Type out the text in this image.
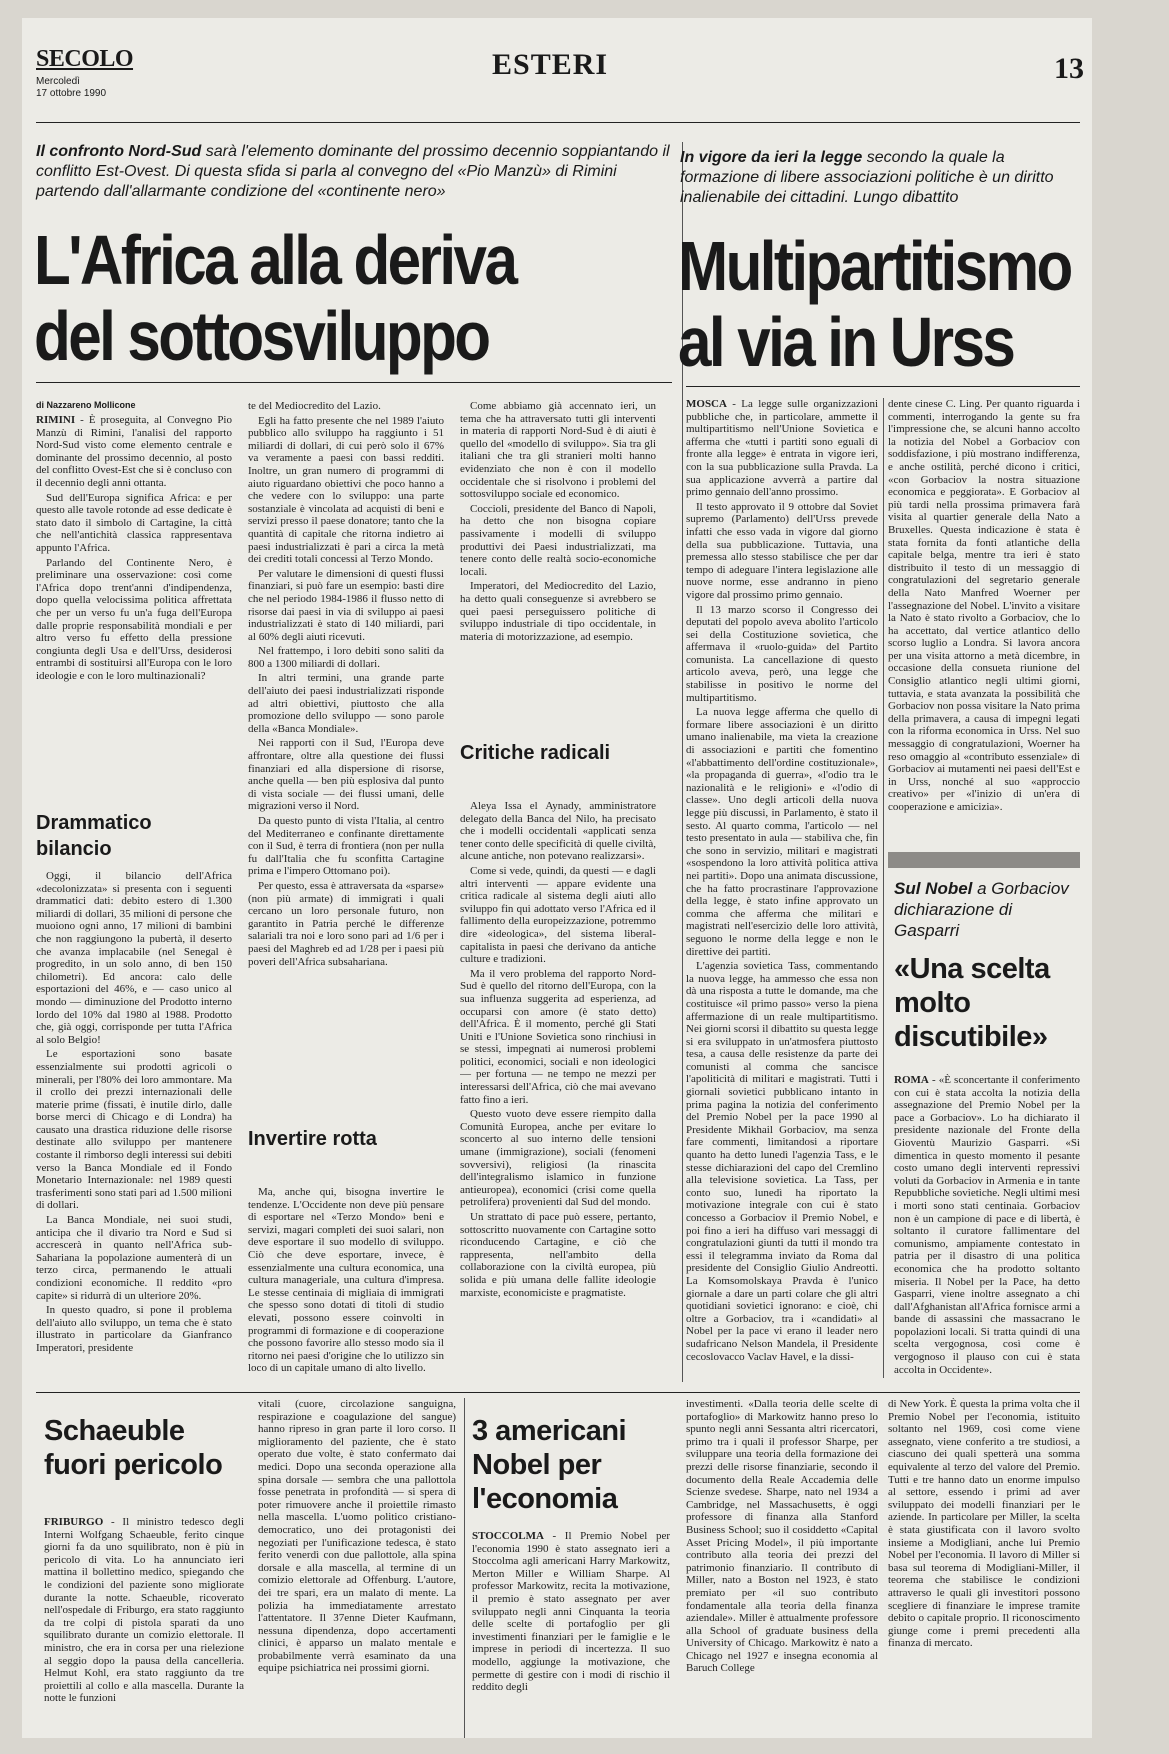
SECOLO
Mercoledì
17 ottobre 1990
ESTERI	13
Il confronto Nord-Sud sarà l'elemento dominante del prossimo decennio soppiantando il conflitto Est-Ovest. Di questa sfida si parla al convegno del «Pio Manzù» di Rimini partendo dall'allarmante condizione del «continente nero»
L'Africa alla deriva
del sottosviluppo
di Nazzareno Mollicone

RIMINI - È proseguita, al Convegno Pio Manzù di Rimini, l'analisi del rapporto Nord-Sud visto come elemento centrale e dominante del prossimo decennio, al posto del conflitto Ovest-Est che si è concluso con il decennio degli anni ottanta.

Sud dell'Europa significa Africa: e per questo alle tavole rotonde ad esse dedicate è stato dato il simbolo di Cartagine, la città che nell'antichità classica rappresentava appunto l'Africa.

Parlando del Continente Nero, è preliminare una osservazione: così come l'Africa dopo trent'anni d'indipendenza, dopo quella velocissima politica affrettata che per un verso fu un'a fuga dell'Europa dalle proprie responsabilità mondiali e per altro verso fu effetto della pressione congiunta degli Usa e dell'Urss, desiderosi entrambi di sostituirsi all'Europa con le loro ideologie e con le loro multinazionali?

Drammatico bilancio

Oggi, il bilancio dell'Africa «decolonizzata» si presenta con i seguenti drammatici dati: debito estero di 1.300 miliardi di dollari, 35 milioni di persone che muoiono ogni anno, 17 milioni di bambini che non raggiungono la pubertà, il deserto che avanza implacabile (nel Senegal è progredito, in un solo anno, di ben 150 chilometri). Ed ancora: calo delle esportazioni del 46%, e — caso unico al mondo — diminuzione del Prodotto interno lordo del 10% dal 1980 al 1988. Prodotto che, già oggi, corrisponde per tutta l'Africa al solo Belgio!

Le esportazioni sono basate essenzialmente sui prodotti agricoli o minerali, per l'80% dei loro ammontare. Ma il crollo dei prezzi internazionali delle materie prime (fissati, è inutile dirlo, dalle borse merci di Chicago e di Londra) ha causato una drastica riduzione delle risorse destinate allo sviluppo per mantenere costante il rimborso degli interessi sui debiti verso la Banca Mondiale ed il Fondo Monetario Internazionale: nel 1989 questi trasferimenti sono stati pari ad 1.500 milioni di dollari.

La Banca Mondiale, nei suoi studi, anticipa che il divario tra Nord e Sud si accrescerà in quanto nell'Africa sub-Sahariana la popolazione aumenterà di un terzo circa, permanendo le attuali condizioni economiche. Il reddito «pro capite» si ridurrà di un ulteriore 20%.

In questo quadro, si pone il problema dell'aiuto allo sviluppo, un tema che è stato illustrato in particolare da Gianfranco Imperatori, presidente

te del Mediocredito del Lazio.

Egli ha fatto presente che nel 1989 l'aiuto pubblico allo sviluppo ha raggiunto i 51 miliardi di dollari, di cui però solo il 67% va veramente a paesi con bassi redditi. Inoltre, un gran numero di programmi di aiuto riguardano obiettivi che poco hanno a che vedere con lo sviluppo: una parte sostanziale è vincolata ad acquisti di beni e servizi presso il paese donatore; tanto che la quantità di capitale che ritorna indietro ai paesi industrializzati è pari a circa la metà dei crediti totali concessi al Terzo Mondo.

Per valutare le dimensioni di questi flussi finanziari, si può fare un esempio: basti dire che nel periodo 1984-1986 il flusso netto di risorse dai paesi in via di sviluppo ai paesi industrializzati è stato di 140 miliardi, pari al 60% degli aiuti ricevuti.

Nel frattempo, i loro debiti sono saliti da 800 a 1300 miliardi di dollari.

In altri termini, una grande parte dell'aiuto dei paesi industrializzati risponde ad altri obiettivi, piuttosto che alla promozione dello sviluppo — sono parole della «Banca Mondiale».

Nei rapporti con il Sud, l'Europa deve affrontare, oltre alla questione dei flussi finanziari ed alla dispersione di risorse, anche quella — ben più esplosiva dal punto di vista sociale — dei flussi umani, delle migrazioni verso il Nord.

Da questo punto di vista l'Italia, al centro del Mediterraneo e confinante direttamente con il Sud, è terra di frontiera (non per nulla fu dall'Italia che fu sconfitta Cartagine prima e l'impero Ottomano poi).

Per questo, essa è attraversata da «sparse» (non più armate) di immigrati i quali cercano un loro personale futuro, non garantito in Patria perché le differenze salariali tra noi e loro sono pari ad 1/6 per i paesi del Maghreb ed ad 1/28 per i paesi più poveri dell'Africa subsahariana.

Invertire rotta

Ma, anche qui, bisogna invertire le tendenze. L'Occidente non deve più pensare di esportare nel «Terzo Mondo» beni e servizi, magari completi dei suoi salari, non deve esportare il suo modello di sviluppo. Ciò che deve esportare, invece, è essenzialmente una cultura economica, una cultura manageriale, una cultura d'impresa. Le stesse centinaia di migliaia di immigrati che spesso sono dotati di titoli di studio elevati, possono essere coinvolti in programmi di formazione e di cooperazione che possono favorire allo stesso modo sia il ritorno nei paesi d'origine che lo utilizzo sin loco di un capitale umano di alto livello.

Come abbiamo già accennato ieri, un tema che ha attraversato tutti gli interventi in materia di rapporti Nord-Sud è di aiuti è quello del «modello di sviluppo». Sia tra gli italiani che tra gli stranieri molti hanno evidenziato che non è con il modello occidentale che si risolvono i problemi del sottosviluppo sociale ed economico.

Coccioli, presidente del Banco di Napoli, ha detto che non bisogna copiare passivamente i modelli di sviluppo produttivi dei Paesi industrializzati, ma tenere conto delle realtà socio-economiche locali.

Imperatori, del Mediocredito del Lazio, ha detto quali conseguenze si avrebbero se quei paesi perseguissero politiche di sviluppo industriale di tipo occidentale, in materia di motorizzazione, ad esempio.

Critiche radicali

Aleya Issa el Aynady, amministratore delegato della Banca del Nilo, ha precisato che i modelli occidentali «applicati senza tener conto delle specificità di quelle civiltà, alcune antiche, non potevano realizzarsi».

Come si vede, quindi, da questi — e dagli altri interventi — appare evidente una critica radicale al sistema degli aiuti allo sviluppo fin qui adottato verso l'Africa ed il fallimento della europeizzazione, potremmo dire «ideologica», del sistema liberal-capitalista in paesi che derivano da antiche culture e tradizioni.

Ma il vero problema del rapporto Nord-Sud è quello del ritorno dell'Europa, con la sua influenza suggerita ad esperienza, ad occuparsi con amore (è stato detto) dell'Africa. È il momento, perché gli Stati Uniti e l'Unione Sovietica sono rinchiusi in se stessi, impegnati ai numerosi problemi politici, economici, sociali e non ideologici — per fortuna — ne tempo ne mezzi per interessarsi dell'Africa, ciò che mai avevano fatto fino a ieri.

Questo vuoto deve essere riempito dalla Comunità Europea, anche per evitare lo sconcerto al suo interno delle tensioni umane (immigrazione), sociali (fenomeni sovversivi), religiosi (la rinascita dell'integralismo islamico in funzione antieuropea), economici (crisi come quella petrolifera) provenienti dal Sud del mondo.

Un strattato di pace può essere, pertanto, sottoscritto nuovamente con Cartagine sotto riconducendo Cartagine, e ciò che rappresenta, nell'ambito della collaborazione con la civiltà europea, più solida e più umana delle fallite ideologie marxiste, economiciste e pragmatiste.

In vigore da ieri la legge secondo la quale la formazione di libere associazioni politiche è un diritto inalienabile dei cittadini. Lungo dibattito
Multipartitismo
al via in Urss

MOSCA - La legge sulle organizzazioni pubbliche che, in particolare, ammette il multipartitismo nell'Unione Sovietica e afferma che «tutti i partiti sono eguali di fronte alla legge» è entrata in vigore ieri, con la sua pubblicazione sulla Pravda. La sua applicazione avverrà a partire dal primo gennaio dell'anno prossimo.

Il testo approvato il 9 ottobre dal Soviet supremo (Parlamento) dell'Urss prevede infatti che esso vada in vigore dal giorno della sua pubblicazione. Tuttavia, una premessa allo stesso stabilisce che per dar tempo di adeguare l'intera legislazione alle nuove norme, esse andranno in pieno vigore dal prossimo primo gennaio.

Il 13 marzo scorso il Congresso dei deputati del popolo aveva abolito l'articolo sei della Costituzione sovietica, che affermava il «ruolo-guida» del Partito comunista. La cancellazione di questo articolo aveva, però, una legge che stabilisse in positivo le norme del multipartitismo.

La nuova legge afferma che quello di formare libere associazioni è un diritto umano inalienabile, ma vieta la creazione di associazioni e partiti che fomentino «l'abbattimento dell'ordine costituzionale», «la propaganda di guerra», «l'odio tra le nazionalità e le religioni» e «l'odio di classe». Uno degli articoli della nuova legge più discussi, in Parlamento, è stato il sesto. Al quarto comma, l'articolo — nel testo presentato in aula — stabiliva che, fin che sono in servizio, militari e magistrati «sospendono la loro attività politica attiva nei partiti». Dopo una animata discussione, che ha fatto procrastinare l'approvazione della legge, è stato infine approvato un comma che afferma che militari e magistrati nell'esercizio delle loro attività, seguono le norme della legge e non le direttive dei partiti.

L'agenzia sovietica Tass, commentando la nuova legge, ha ammesso che essa non dà una risposta a tutte le domande, ma che costituisce «il primo passo» verso la piena affermazione di un reale multipartitismo. Nei giorni scorsi il dibattito su questa legge si era sviluppato in un'atmosfera piuttosto tesa, a causa delle resistenze da parte dei comunisti al comma che sancisce l'apoliticità di militari e magistrati. Tutti i giornali sovietici pubblicano intanto in prima pagina la notizia del conferimento del Premio Nobel per la pace 1990 al Presidente Mikhail Gorbaciov, ma senza fare commenti, limitandosi a riportare quanto ha detto lunedì l'agenzia Tass, e le stesse dichiarazioni del capo del Cremlino alla televisione sovietica. La Tass, per conto suo, lunedì ha riportato la motivazione integrale con cui è stato concesso a Gorbaciov il Premio Nobel, e poi fino a ieri ha diffuso vari messaggi di congratulazioni giunti da tutti il mondo tra essi il telegramma inviato da Roma dal presidente del Consiglio Giulio Andreotti. La Komsomolskaya Pravda è l'unico giornale a dare un parti colare che gli altri quotidiani sovietici ignorano: e cioè, chi oltre a Gorbaciov, tra i «candidati» al Nobel per la pace vi erano il leader nero sudafricano Nelson Mandela, il Presidente cecoslovacco Vaclav Havel, e la dissi-

dente cinese C. Ling. Per quanto riguarda i commenti, interrogando la gente su fra l'impressione che, se alcuni hanno accolto la notizia del Nobel a Gorbaciov con soddisfazione, i più mostrano indifferenza, e anche ostilità, perché dicono i critici, «con Gorbaciov la nostra situazione economica e peggiorata». E Gorbaciov al più tardi nella prossima primavera farà visita al quartier generale della Nato a Bruxelles. Questa indicazione è stata è stata fornita da fonti atlantiche della capitale belga, mentre tra ieri è stato distribuito il testo di un messaggio di congratulazioni del segretario generale della Nato Manfred Woerner per l'assegnazione del Nobel. L'invito a visitare la Nato è stato rivolto a Gorbaciov, che lo ha accettato, dal vertice atlantico dello scorso luglio a Londra. Si lavora ancora per una visita attorno a metà dicembre, in occasione della consueta riunione del Consiglio atlantico negli ultimi giorni, tuttavia, e stata avanzata la possibilità che Gorbaciov non possa visitare la Nato prima della primavera, a causa di impegni legati con la riforma economica in Urss. Nel suo messaggio di congratulazioni, Woerner ha reso omaggio al «contributo essenziale» di Gorbaciov ai mutamenti nei paesi dell'Est e in Urss, nonché al suo «approccio creativo» per «l'inizio di un'era di cooperazione e amicizia».

Sul Nobel a Gorbaciov dichiarazione di Gasparri
«Una scelta molto discutibile»

ROMA - «È sconcertante il conferimento con cui è stata accolta la notizia della assegnazione del Premio Nobel per la pace a Gorbaciov». Lo ha dichiarato il presidente nazionale del Fronte della Gioventù Maurizio Gasparri. «Si dimentica in questo momento il pesante costo umano degli interventi repressivi voluti da Gorbaciov in Armenia e in tante Repubbliche sovietiche. Negli ultimi mesi i morti sono stati centinaia. Gorbaciov non è un campione di pace e di libertà, è soltanto il curatore fallimentare del comunismo, ampiamente contestato in patria per il disastro di una politica economica che ha prodotto soltanto miseria. Il Nobel per la Pace, ha detto Gasparri, viene inoltre assegnato a chi dall'Afghanistan all'Africa fornisce armi a bande di assassini che massacrano le popolazioni locali. Si tratta quindi di una scelta vergognosa, così come è vergognoso il plauso con cui è stata accolta in Occidente».

Schaeuble fuori pericolo

FRIBURGO - Il ministro tedesco degli Interni Wolfgang Schaeuble, ferito cinque giorni fa da uno squilibrato, non è più in pericolo di vita. Lo ha annunciato ieri mattina il bollettino medico, spiegando che le condizioni del paziente sono migliorate durante la notte. Schaeuble, ricoverato nell'ospedale di Friburgo, era stato raggiunto da tre colpi di pistola sparati da uno squilibrato durante un comizio elettorale. Il ministro, che era in corsa per una rielezione al seggio dopo la pausa della cancelleria. Helmut Kohl, era stato raggiunto da tre proiettili al collo e alla mascella. Durante la notte le funzioni

vitali (cuore, circolazione sanguigna, respirazione e coagulazione del sangue) hanno ripreso in gran parte il loro corso. Il miglioramento del paziente, che è stato operato due volte, è stato confermato dai medici. Dopo una seconda operazione alla spina dorsale — sembra che una pallottola fosse penetrata in profondità — si spera di poter rimuovere anche il proiettile rimasto nella mascella. L'uomo politico cristiano-democratico, uno dei protagonisti dei negoziati per l'unificazione tedesca, è stato ferito venerdì con due pallottole, alla spina dorsale e alla mascella, al termine di un comizio elettorale ad Offenburg. L'autore, dei tre spari, era un malato di mente. La polizia ha immediatamente arrestato l'attentatore. Il 37enne Dieter Kaufmann, nessuna dipendenza, dopo accertamenti clinici, è apparso un malato mentale e probabilmente verrà esaminato da una equipe psichiatrica nei prossimi giorni.

3 americani Nobel per l'economia

STOCCOLMA - Il Premio Nobel per l'economia 1990 è stato assegnato ieri a Stoccolma agli americani Harry Markowitz, Merton Miller e William Sharpe. Al professor Markowitz, recita la motivazione, il premio è stato assegnato per aver sviluppato negli anni Cinquanta la teoria delle scelte di portafoglio per gli investimenti finanziari per le famiglie e le imprese in periodi di incertezza. Il suo modello, aggiunge la motivazione, che permette di gestire con i modi di rischio il reddito degli

investimenti. «Dalla teoria delle scelte di portafoglio» di Markowitz hanno preso lo spunto negli anni Sessanta altri ricercatori, primo tra i quali il professor Sharpe, per sviluppare una teoria della formazione dei prezzi delle risorse finanziarie, secondo il documento della Reale Accademia delle Scienze svedese. Sharpe, nato nel 1934 a Cambridge, nel Massachusetts, è oggi professore di finanza alla Stanford Business School; suo il cosiddetto «Capital Asset Pricing Model», il più importante contributo alla teoria dei prezzi del patrimonio finanziario. Il contributo di Miller, nato a Boston nel 1923, è stato premiato per «il suo contributo fondamentale alla teoria della finanza aziendale». Miller è attualmente professore alla School of graduate business della University of Chicago. Markowitz è nato a Chicago nel 1927 e insegna economia al Baruch College

di New York. È questa la prima volta che il Premio Nobel per l'economia, istituito soltanto nel 1969, così come viene assegnato, viene conferito a tre studiosi, a ciascuno dei quali spetterà una somma equivalente al terzo del valore del Premio. Tutti e tre hanno dato un enorme impulso al settore, essendo i primi ad aver sviluppato dei modelli finanziari per le aziende. In particolare per Miller, la scelta è stata giustificata con il lavoro svolto insieme a Modigliani, anche lui Premio Nobel per l'economia. Il lavoro di Miller si basa sul teorema di Modigliani-Miller, il teorema che stabilisce le condizioni attraverso le quali gli investitori possono scegliere di finanziare le imprese tramite debito o capitale proprio. Il riconoscimento giunge come i premi precedenti alla finanza di mercato.
